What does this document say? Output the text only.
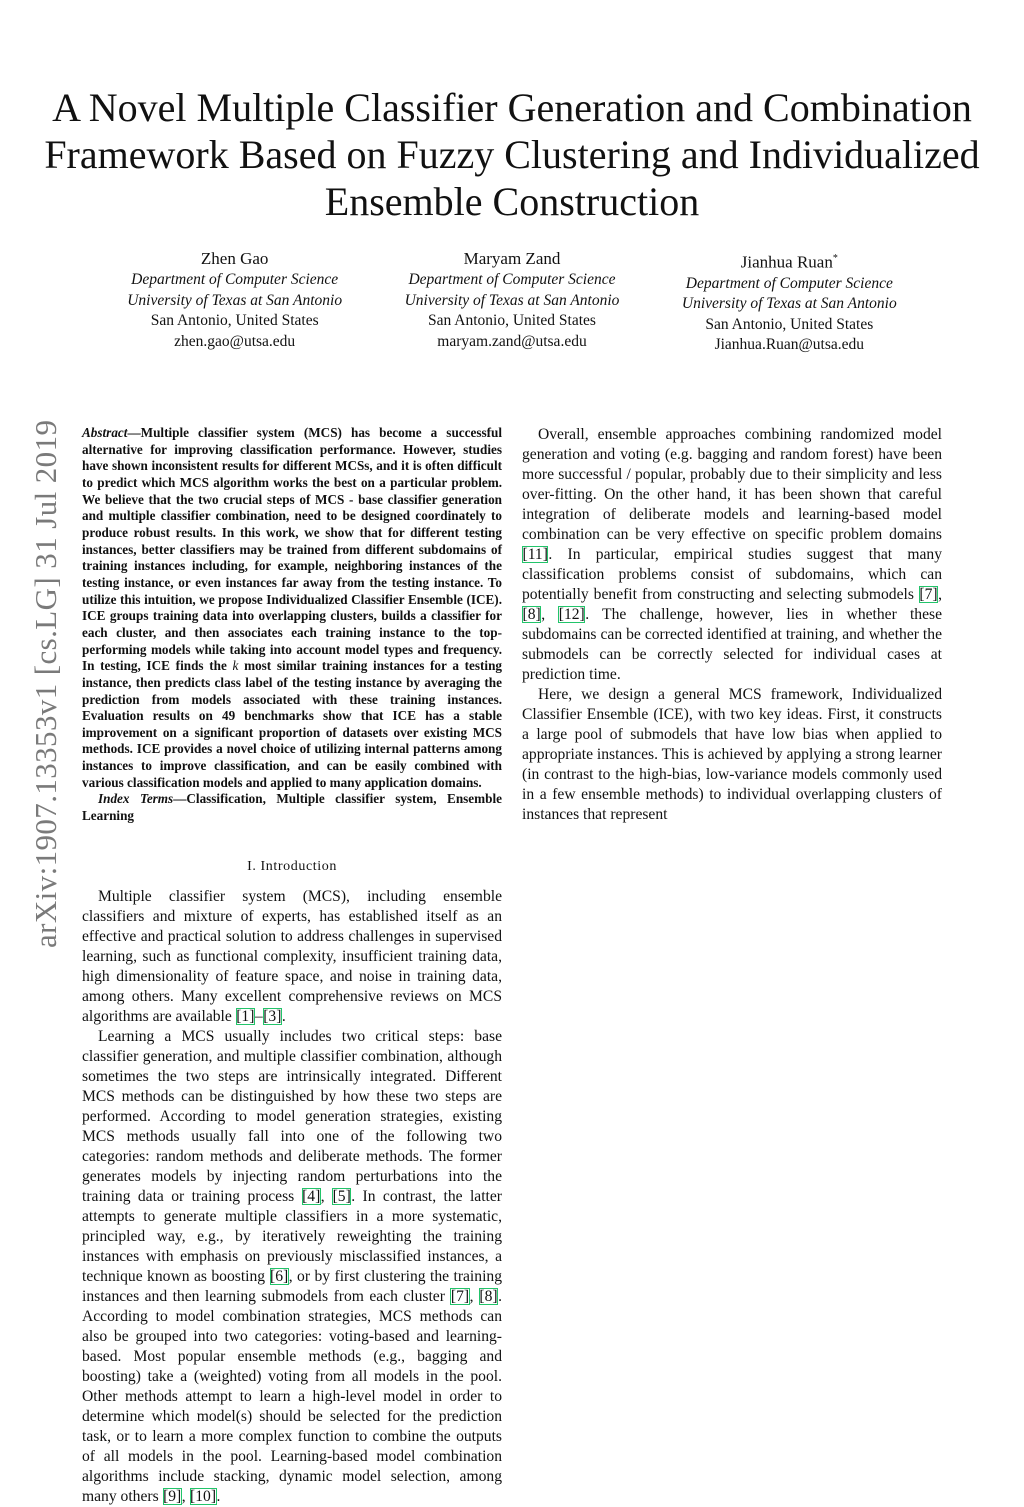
A Novel Multiple Classifier Generation and Combination Framework Based on Fuzzy Clustering and Individualized Ensemble Construction
Zhen Gao
Department of Computer Science
University of Texas at San Antonio
San Antonio, United States
zhen.gao@utsa.edu
Maryam Zand
Department of Computer Science
University of Texas at San Antonio
San Antonio, United States
maryam.zand@utsa.edu
Jianhua Ruan*
Department of Computer Science
University of Texas at San Antonio
San Antonio, United States
Jianhua.Ruan@utsa.edu
arXiv:1907.13353v1 [cs.LG] 31 Jul 2019 Abstract—Multiple classifier system (MCS) has become a successful alternative for improving classification performance. However, studies have shown inconsistent results for different MCSs, and it is often difficult to predict which MCS algorithm works the best on a particular problem. We believe that the two crucial steps of MCS - base classifier generation and multiple classifier combination, need to be designed coordinately to produce robust results. In this work, we show that for different testing instances, better classifiers may be trained from different subdomains of training instances including, for example, neighboring instances of the testing instance, or even instances far away from the testing instance. To utilize this intuition, we propose Individualized Classifier Ensemble (ICE). ICE groups training data into overlapping clusters, builds a classifier for each cluster, and then associates each training instance to the top-performing models while taking into account model types and frequency. In testing, ICE finds the k most similar training instances for a testing instance, then predicts class label of the testing instance by averaging the prediction from models associated with these training instances. Evaluation results on 49 benchmarks show that ICE has a stable improvement on a significant proportion of datasets over existing MCS methods. ICE provides a novel choice of utilizing internal patterns among instances to improve classification, and can be easily combined with various classification models and applied to many application domains.
Index Terms—Classification, Multiple classifier system, Ensemble Learning
I. Introduction

Multiple classifier system (MCS), including ensemble classifiers and mixture of experts, has established itself as an effective and practical solution to address challenges in supervised learning, such as functional complexity, insufficient training data, high dimensionality of feature space, and noise in training data, among others. Many excellent comprehensive reviews on MCS algorithms are available [1]–[3].

Learning a MCS usually includes two critical steps: base classifier generation, and multiple classifier combination, although sometimes the two steps are intrinsically integrated. Different MCS methods can be distinguished by how these two steps are performed. According to model generation strategies, existing MCS methods usually fall into one of the following two categories: random methods and deliberate methods. The former generates models by injecting random perturbations into the training data or training process [4], [5]. In contrast, the latter attempts to generate multiple classifiers in a more systematic, principled way, e.g., by iteratively reweighting the training instances with emphasis on previously misclassified instances, a technique known as boosting [6], or by first clustering the training instances and then learning submodels from each cluster [7], [8]. According to model combination strategies, MCS methods can also be grouped into two categories: voting-based and learning-based. Most popular ensemble methods (e.g., bagging and boosting) take a (weighted) voting from all models in the pool. Other methods attempt to learn a high-level model in order to determine which model(s) should be selected for the prediction task, or to learn a more complex function to combine the outputs of all models in the pool. Learning-based model combination algorithms include stacking, dynamic model selection, among many others [9], [10].

Overall, ensemble approaches combining randomized model generation and voting (e.g. bagging and random forest) have been more successful / popular, probably due to their simplicity and less over-fitting. On the other hand, it has been shown that careful integration of deliberate models and learning-based model combination can be very effective on specific problem domains [11]. In particular, empirical studies suggest that many classification problems consist of subdomains, which can potentially benefit from constructing and selecting submodels [7], [8], [12]. The challenge, however, lies in whether these subdomains can be corrected identified at training, and whether the submodels can be correctly selected for individual cases at prediction time.

Here, we design a general MCS framework, Individualized Classifier Ensemble (ICE), with two key ideas. First, it constructs a large pool of submodels that have low bias when applied to appropriate instances. This is achieved by applying a strong learner (in contrast to the high-bias, low-variance models commonly used in a few ensemble methods) to individual overlapping clusters of instances that represent
